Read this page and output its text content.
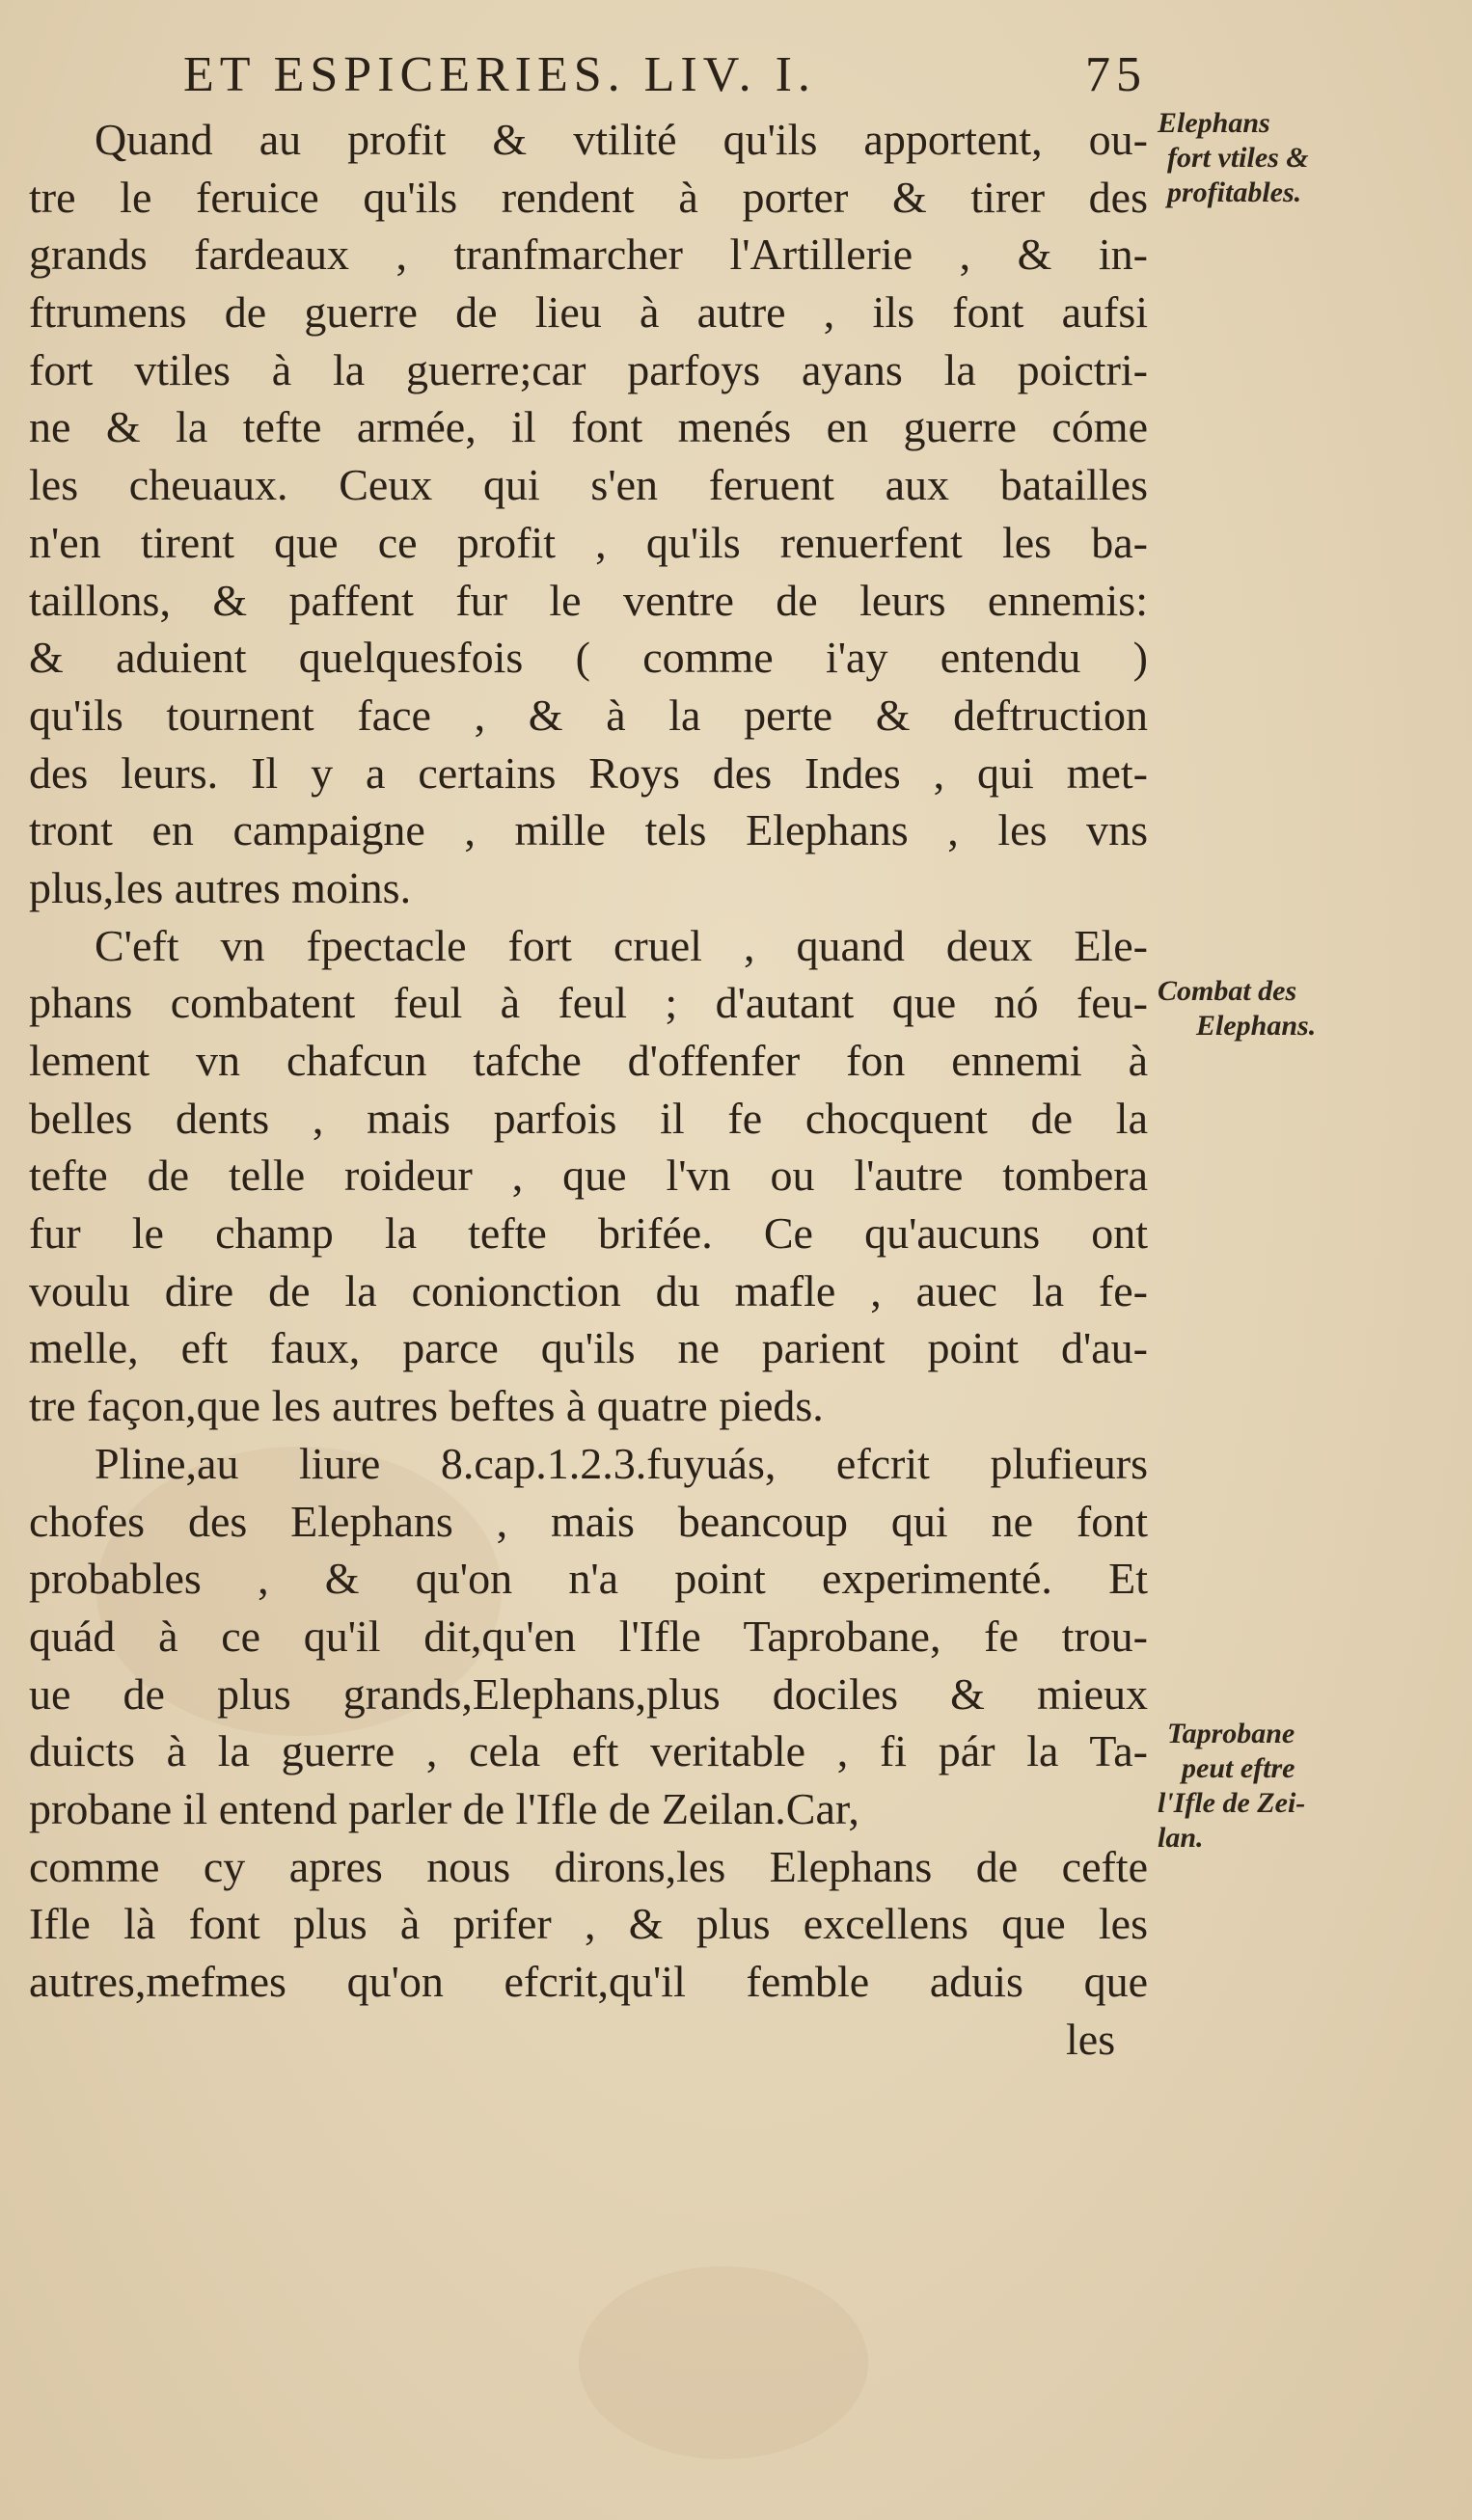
ET ESPICERIES. LIV. I.	75
Quand au profit & vtilité qu'ils apportent, ou-
tre le feruice qu'ils rendent à porter & tirer des
grands fardeaux , tranfmarcher l'Artillerie , & in-
ftrumens de guerre de lieu à autre , ils font aufsi
fort vtiles à la guerre;car parfoys ayans la poictri-
ne & la tefte armée, il font menés en guerre cóme
les cheuaux. Ceux qui s'en feruent aux batailles
n'en tirent que ce profit , qu'ils renuerfent les ba-
taillons, & paffent fur le ventre de leurs ennemis:
& aduient quelquesfois ( comme i'ay entendu )
qu'ils tournent face , & à la perte & deftruction
des leurs. Il y a certains Roys des Indes , qui met-
tront en campaigne , mille tels Elephans , les vns
plus,les autres moins.
C'eft vn fpectacle fort cruel , quand deux Ele-
phans combatent feul à feul ; d'autant que nó feu-
lement vn chafcun tafche d'offenfer fon ennemi à
belles dents , mais parfois il fe chocquent de la
tefte de telle roideur , que l'vn ou l'autre tombera
fur le champ la tefte brifée. Ce qu'aucuns ont
voulu dire de la conionction du mafle , auec la fe-
melle, eft faux, parce qu'ils ne parient point d'au-
tre façon,que les autres beftes à quatre pieds.
Pline,au liure 8.cap.1.2.3.fuyuás, efcrit plufieurs
chofes des Elephans , mais beancoup qui ne font
probables , & qu'on n'a point experimenté. Et
quád à ce qu'il dit,qu'en l'Ifle Taprobane, fe trou-
ue de plus grands,Elephans,plus dociles & mieux
duicts à la guerre , cela eft veritable , fi pár la Ta-
probane il entend parler de l'Ifle de Zeilan.Car,
comme cy apres nous dirons,les Elephans de cefte
Ifle là font plus à prifer , & plus excellens que les
autres,mefmes qu'on efcrit,qu'il femble aduis que
les
Elephans
fort vtiles &
profitables.
Combat des
Elephans.
Taprobane
peut eftre
l'Ifle de Zei-
lan.
